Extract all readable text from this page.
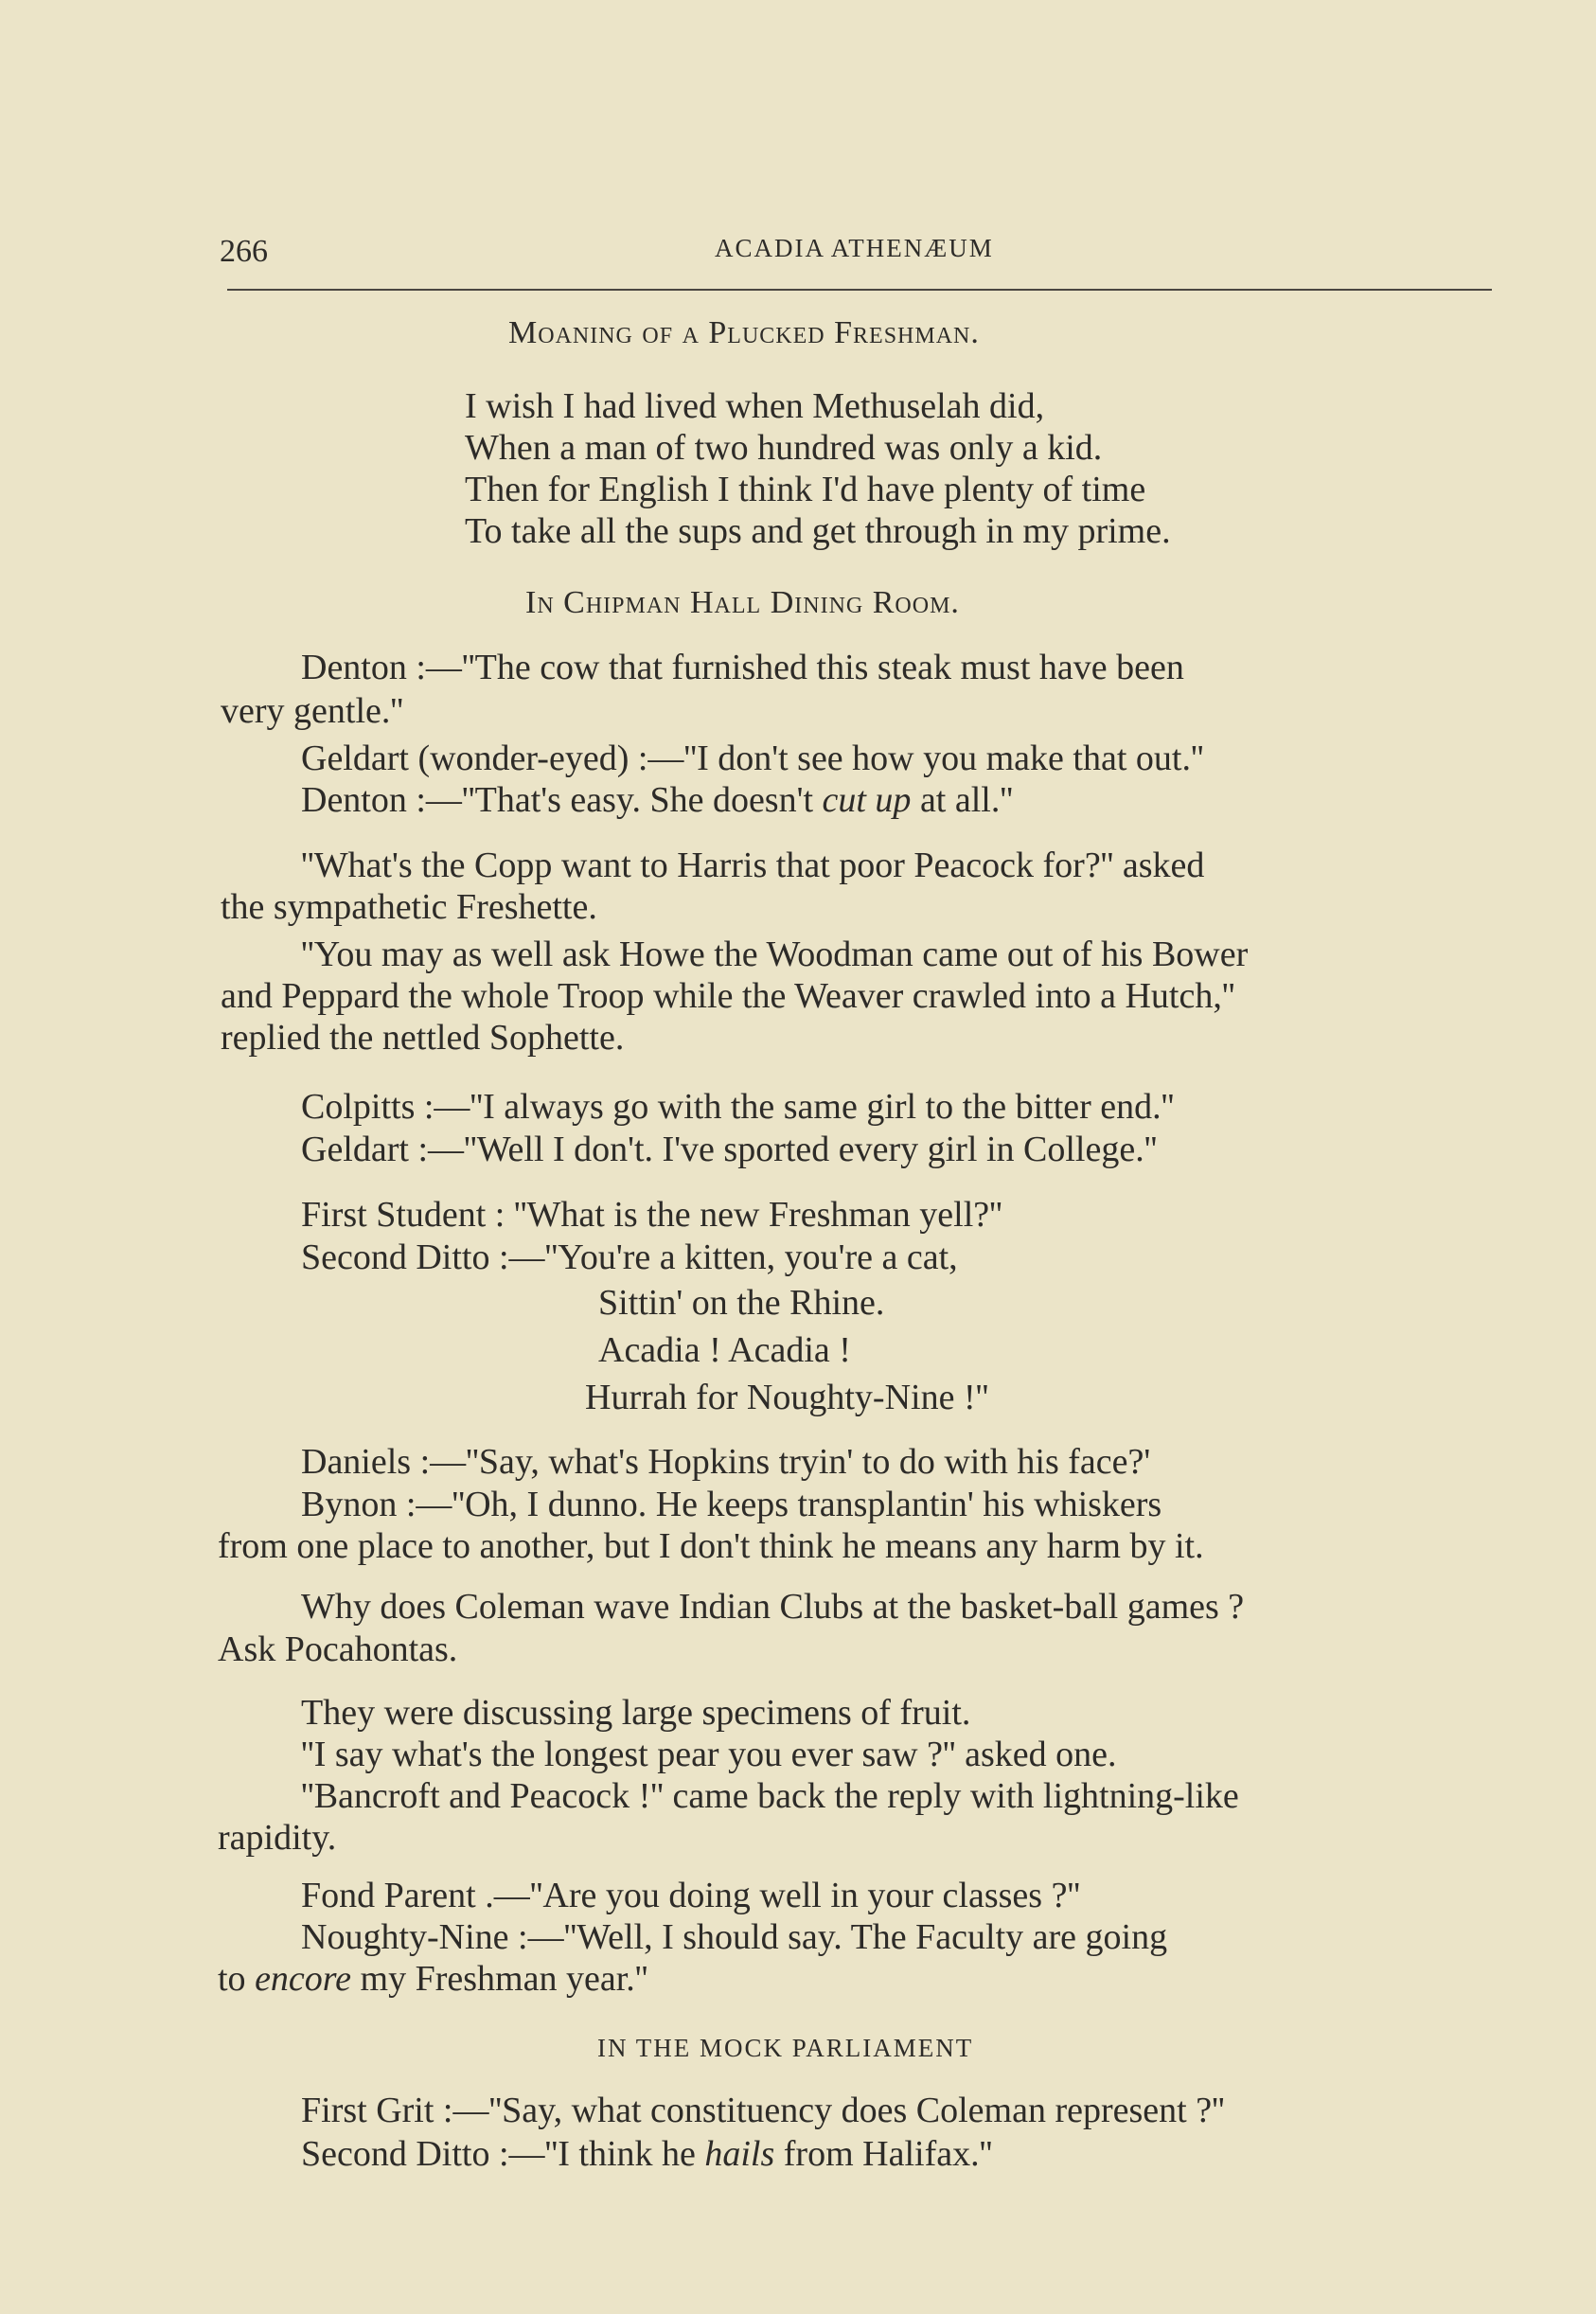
266	ACADIA ATHENÆUM
Moaning of a Plucked Freshman.
I wish I had lived when Methuselah did,
When a man of two hundred was only a kid.
Then for English I think I'd have plenty of time
To take all the sups and get through in my prime.
In Chipman Hall Dining Room.
Denton :—''The cow that furnished this steak must have been
very gentle.''
Geldart (wonder-eyed) :—''I don't see how you make that out.''
Denton :—''That's easy. She doesn't cut up at all.''
''What's the Copp want to Harris that poor Peacock for?'' asked
the sympathetic Freshette.
''You may as well ask Howe the Woodman came out of his Bower
and Peppard the whole Troop while the Weaver crawled into a Hutch,''
replied the nettled Sophette.
Colpitts :—''I always go with the same girl to the bitter end.''
Geldart :—''Well I don't. I've sported every girl in College.''
First Student : ''What is the new Freshman yell?''
Second Ditto :—''You're a kitten, you're a cat,
Sittin' on the Rhine.
Acadia ! Acadia !
Hurrah for Noughty-Nine !''
Daniels :—''Say, what's Hopkins tryin' to do with his face?'
Bynon :—''Oh, I dunno. He keeps transplantin' his whiskers
from one place to another, but I don't think he means any harm by it.
Why does Coleman wave Indian Clubs at the basket-ball games ?
Ask Pocahontas.
They were discussing large specimens of fruit.
''I say what's the longest pear you ever saw ?'' asked one.
''Bancroft and Peacock !'' came back the reply with lightning-like
rapidity.
Fond Parent .—''Are you doing well in your classes ?''
Noughty-Nine :—''Well, I should say. The Faculty are going
to encore my Freshman year.''
IN THE MOCK PARLIAMENT
First Grit :—''Say, what constituency does Coleman represent ?''
Second Ditto :—''I think he hails from Halifax.''
